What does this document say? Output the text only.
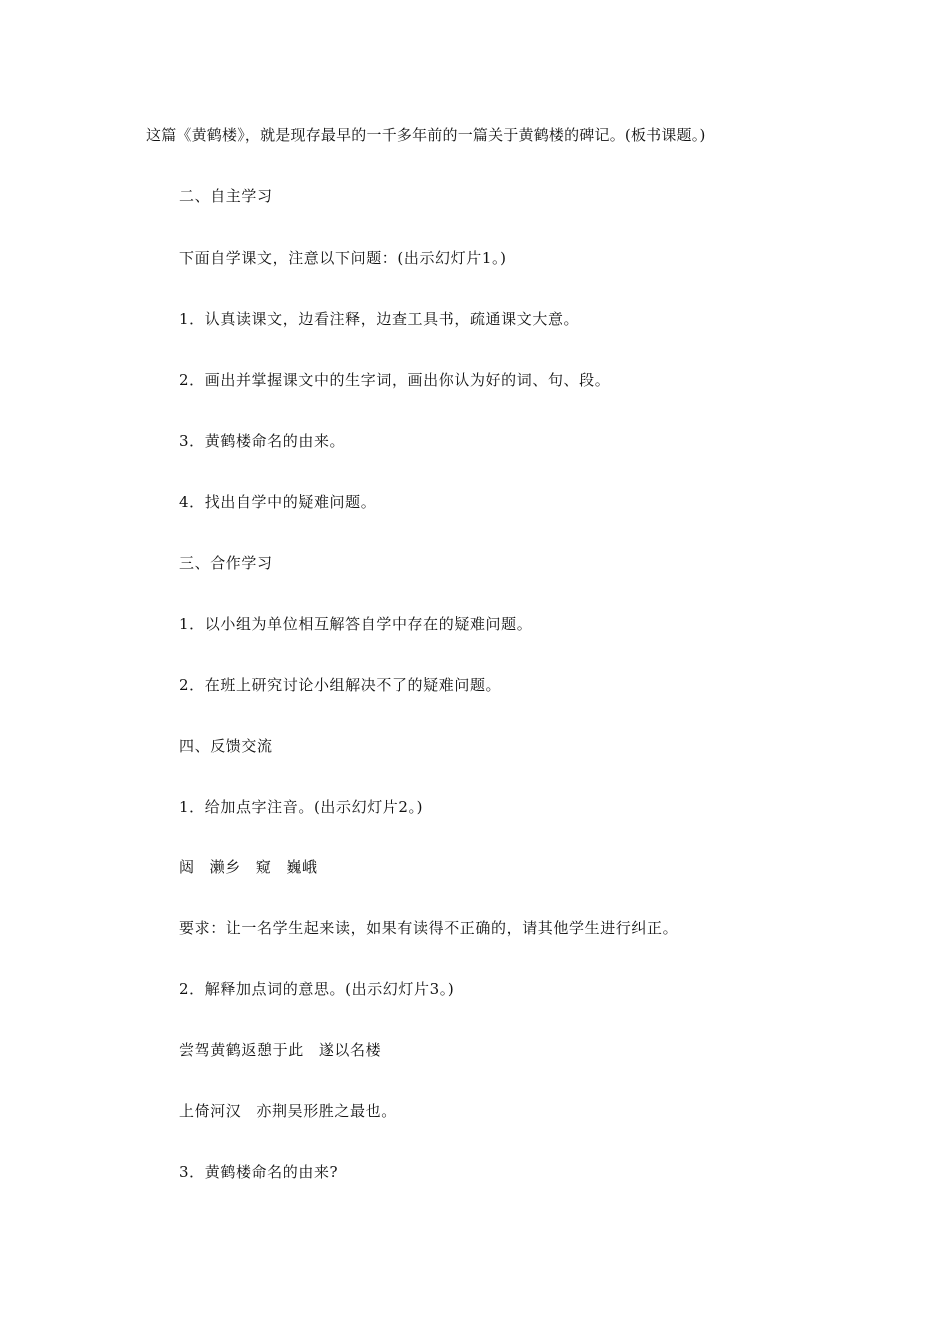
这篇《黄鹤楼》，就是现存最早的一千多年前的一篇关于黄鹤楼的碑记。(板书课题。)
二、自主学习
下面自学课文，注意以下问题：(出示幻灯片1。)
1．认真读课文，边看注释，边查工具书，疏通课文大意。
2．画出并掌握课文中的生字词，画出你认为好的词、句、段。
3．黄鹤楼命名的由来。
4．找出自学中的疑难问题。
三、合作学习
1．以小组为单位相互解答自学中存在的疑难问题。
2．在班上研究讨论小组解决不了的疑难问题。
四、反馈交流
1．给加点字注音。(出示幻灯片2。)
闼 濑乡 窥 巍峨
要求：让一名学生起来读，如果有读得不正确的，请其他学生进行纠正。
2．解释加点词的意思。(出示幻灯片3。)
尝驾黄鹤返憩于此 遂以名楼
上倚河汉 亦荆吴形胜之最也。
3．黄鹤楼命名的由来?
